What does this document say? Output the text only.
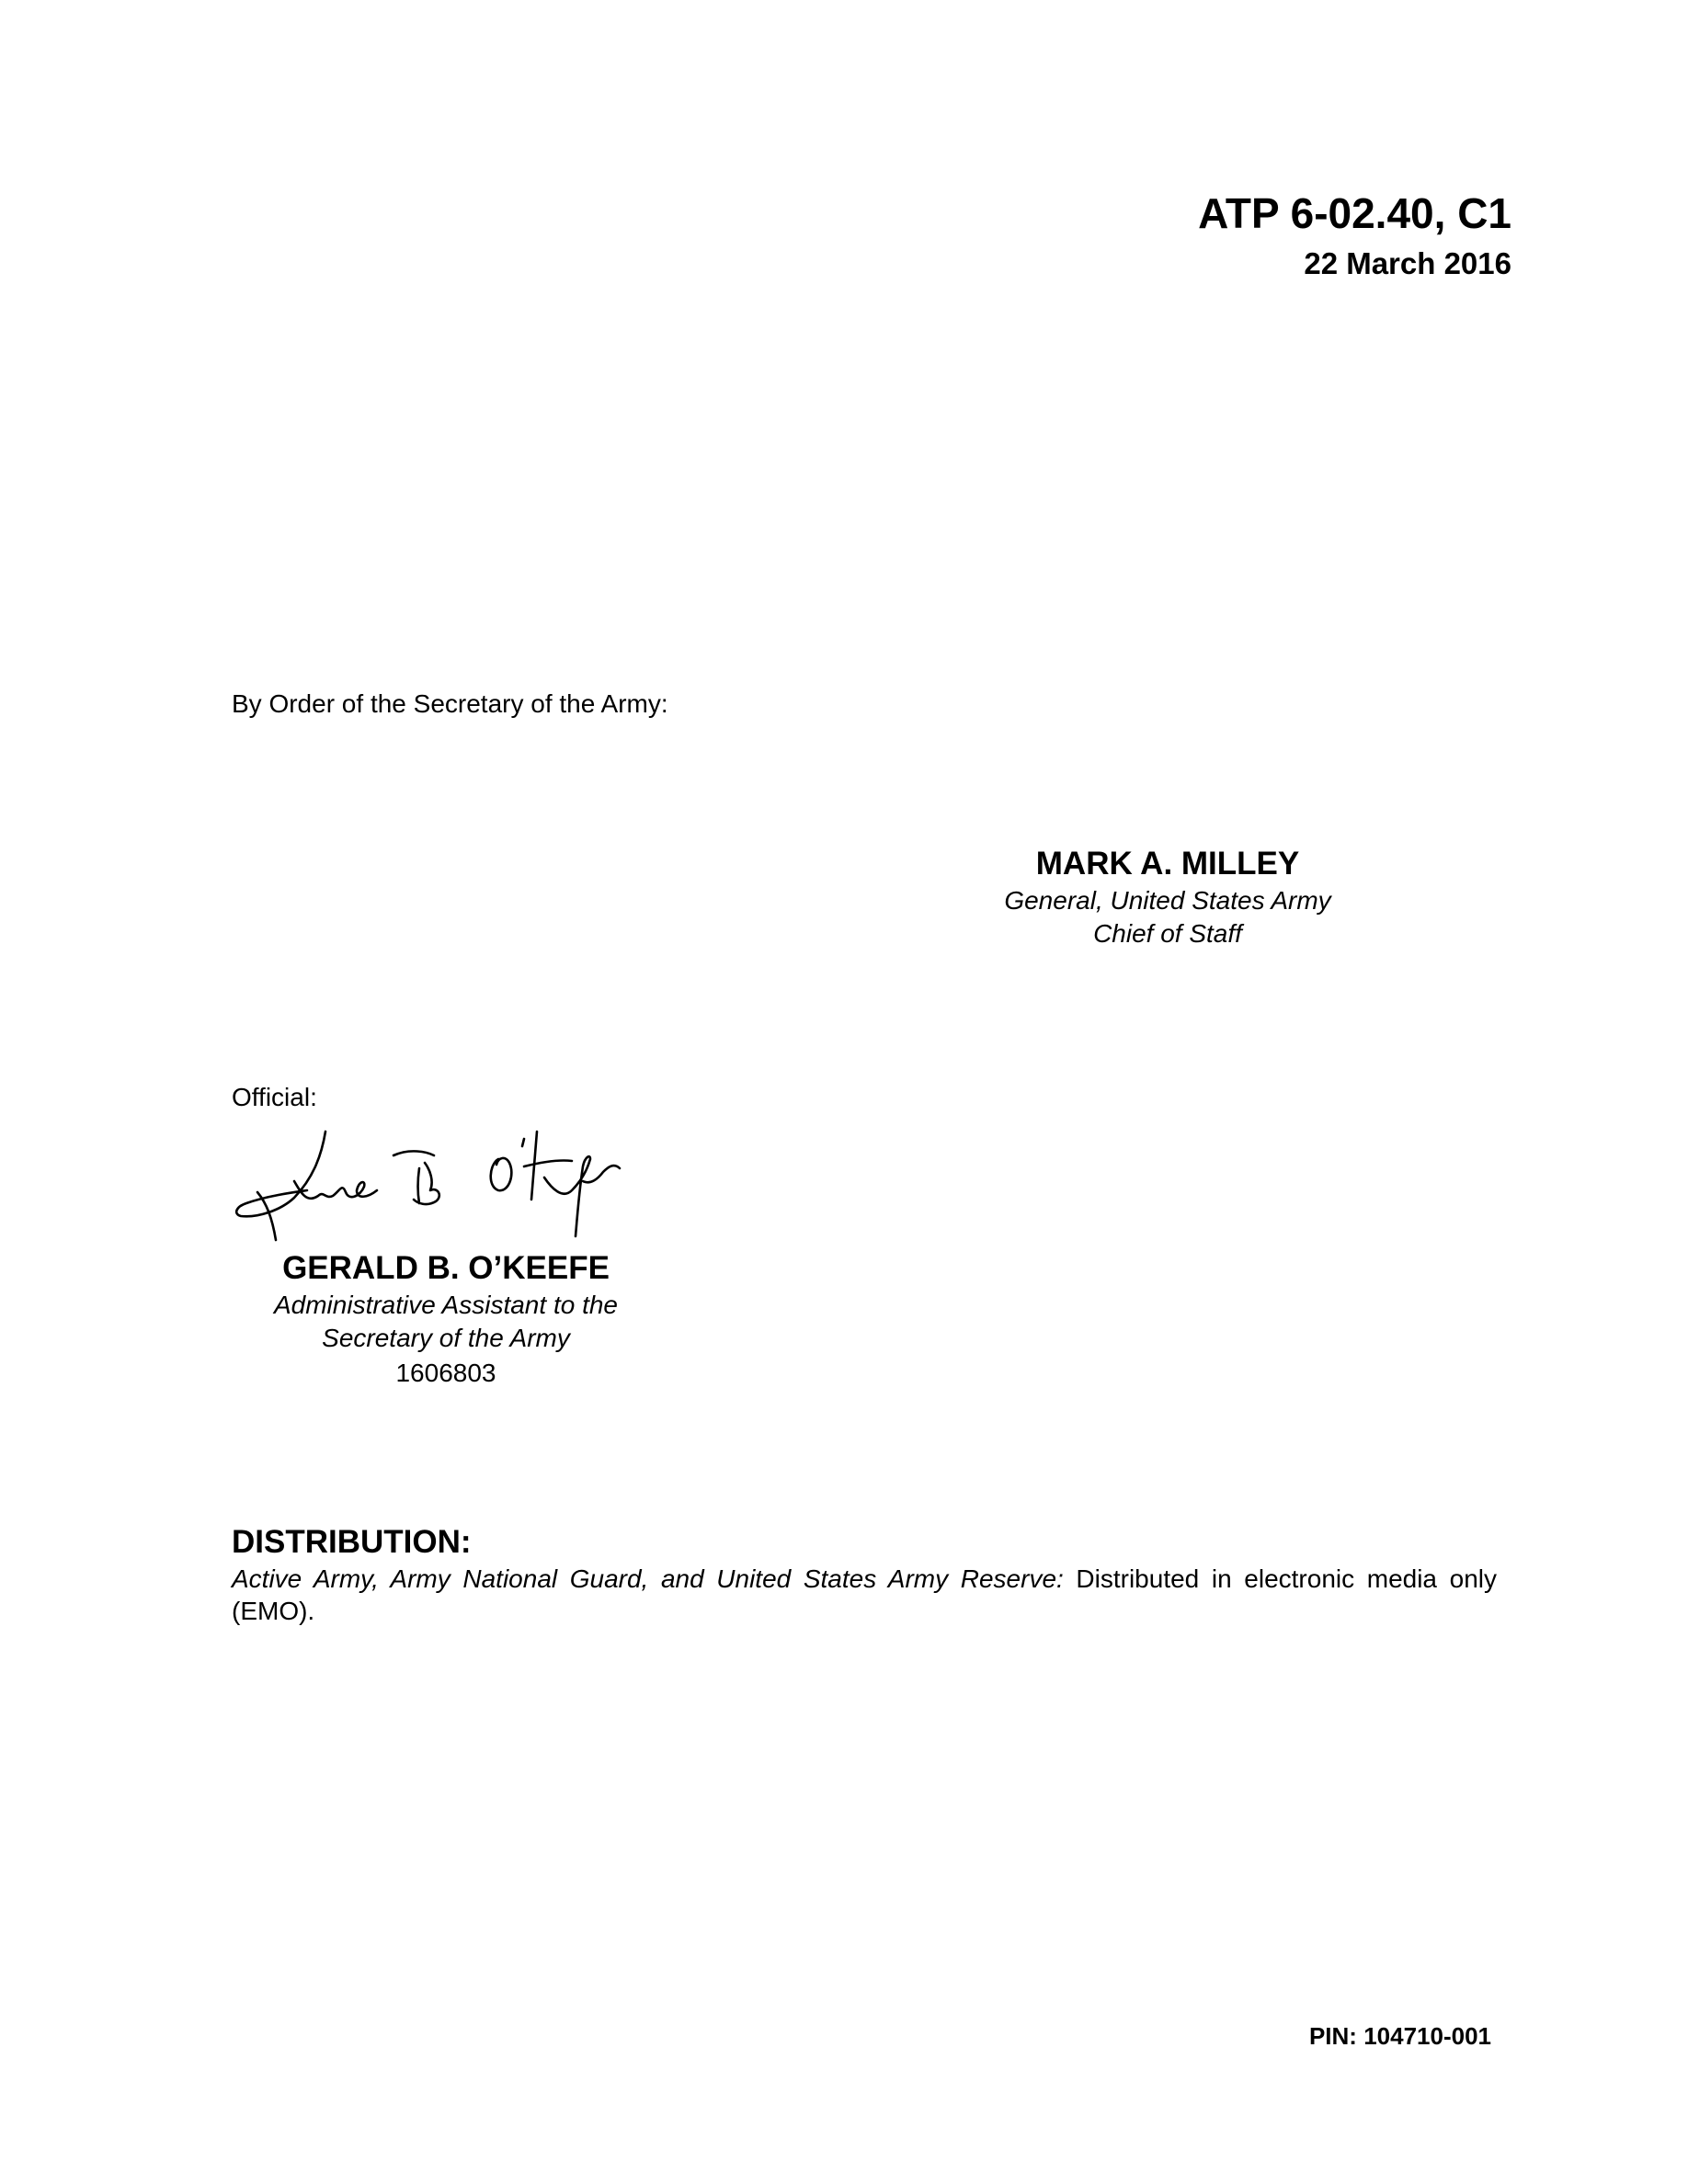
ATP 6-02.40, C1
22 March 2016
By Order of the Secretary of the Army:
MARK A. MILLEY
General, United States Army
Chief of Staff
Official:
GERALD B. O’KEEFE
Administrative Assistant to the
Secretary of the Army
1606803
DISTRIBUTION:
Active Army, Army National Guard, and United States Army Reserve: Distributed in electronic media only (EMO).
PIN: 104710-001
